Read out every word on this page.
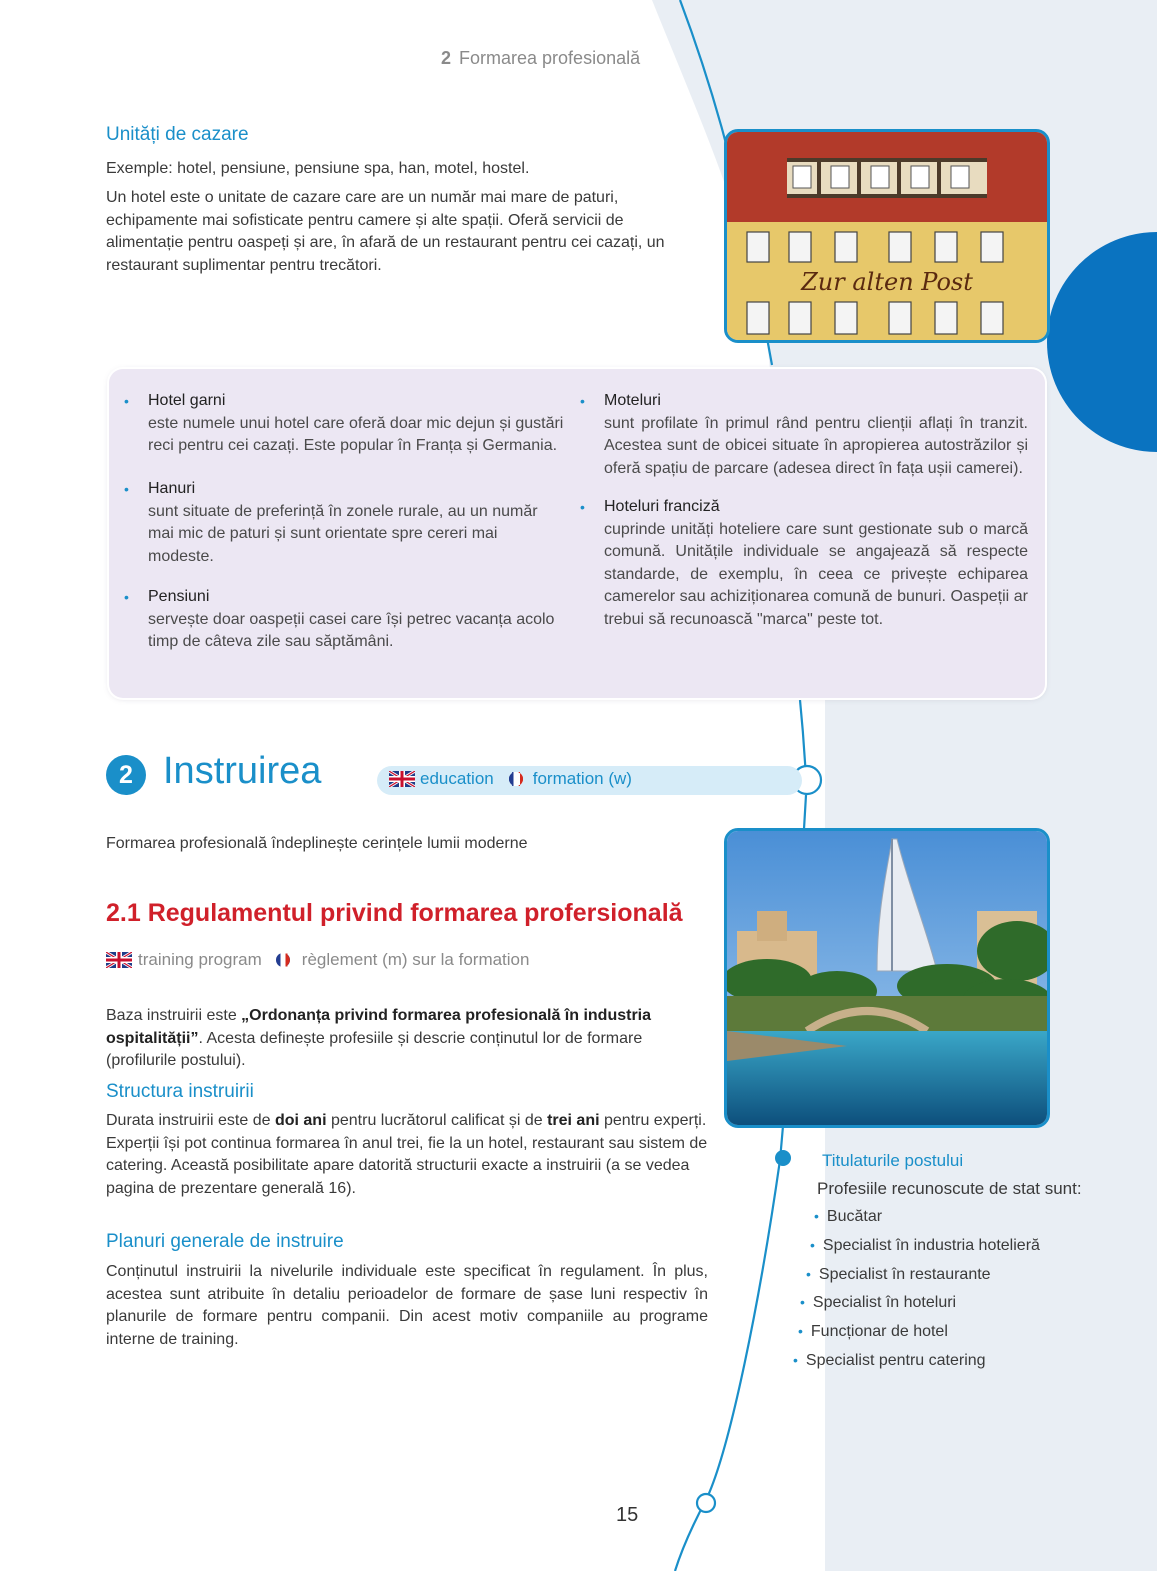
2 Formarea profesională
Unități de cazare
Exemple: hotel, pensiune, pensiune spa, han, motel, hostel.
Un hotel este o unitate de cazare care are un număr mai mare de paturi, echipamente mai sofisticate pentru camere și alte spații. Oferă servicii de alimentație pentru oaspeți și are, în afară de un restaurant pentru cei cazați, un restaurant suplimentar pentru trecători.
Zur alten Post
• Hotel garni
este numele unui hotel care oferă doar mic dejun și gustări reci pentru cei cazați. Este popular în Franța și Germania.
• Hanuri
sunt situate de preferință în zonele rurale, au un număr mai mic de paturi și sunt orientate spre cereri mai modeste.
• Pensiuni
servește doar oaspeții casei care își petrec vacanța acolo timp de câteva zile sau săptămâni.
• Moteluri
sunt profilate în primul rând pentru clienții aflați în tranzit. Acestea sunt de obicei situate în apropierea autostrăzilor și oferă spațiu de parcare (adesea direct în fața ușii camerei).
• Hoteluri franciză
cuprinde unități hoteliere care sunt gestionate sub o marcă comună. Unitățile individuale se angajează să respecte standarde, de exemplu, în ceea ce privește echiparea camerelor sau achiziționarea comună de bunuri. Oaspeții ar trebui să recunoască "marca" peste tot.
2 Instruirea	education formation (w)
Formarea profesională îndeplinește cerințele lumii moderne
2.1 Regulamentul privind formarea profersională
training program règlement (m) sur la formation
Baza instruirii este „Ordonanța privind formarea profesională în industria ospitalității”. Acesta definește profesiile și descrie conținutul lor de formare (profilurile postului).
Structura instruirii
Durata instruirii este de doi ani pentru lucrătorul calificat și de trei ani pentru experți. Experții își pot continua formarea în anul trei, fie la un hotel, restaurant sau sistem de catering. Această posibilitate apare datorită structurii exacte a instruirii (a se vedea pagina de prezentare generală 16).
Planuri generale de instruire
Conținutul instruirii la nivelurile individuale este specificat în regulament. În plus, acestea sunt atribuite în detaliu perioadelor de formare de șase luni respectiv în planurile de formare pentru companii. Din acest motiv companiile au programe interne de training.
Titulaturile postului
Profesiile recunoscute de stat sunt:
• Bucătar
• Specialist în industria hotelieră
• Specialist în restaurante
• Specialist în hoteluri
• Funcționar de hotel
• Specialist pentru catering
15
